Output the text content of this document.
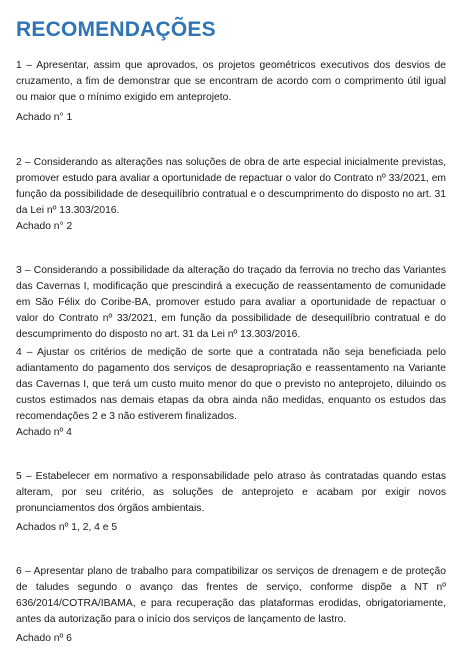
RECOMENDAÇÕES

1 – Apresentar, assim que aprovados, os projetos geométricos executivos dos desvios de cruzamento, a fim de demonstrar que se encontram de acordo com o comprimento útil igual ou maior que o mínimo exigido em anteprojeto.

Achado n° 1

2 – Considerando as alterações nas soluções de obra de arte especial inicialmente previstas, promover estudo para avaliar a oportunidade de repactuar o valor do Contrato nº 33/2021, em função da possibilidade de desequilíbrio contratual e o descumprimento do disposto no art. 31 da Lei nº 13.303/2016.

Achado n° 2

3 – Considerando a possibilidade da alteração do traçado da ferrovia no trecho das Variantes das Cavernas I, modificação que prescindirá a execução de reassentamento de comunidade em São Félix do Coribe-BA, promover estudo para avaliar a oportunidade de repactuar o valor do Contrato nº 33/2021, em função da possibilidade de desequilíbrio contratual e do descumprimento do disposto no art. 31 da Lei nº 13.303/2016.

4 – Ajustar os critérios de medição de sorte que a contratada não seja beneficiada pelo adiantamento do pagamento dos serviços de desapropriação e reassentamento na Variante das Cavernas I, que terá um custo muito menor do que o previsto no anteprojeto, diluindo os custos estimados nas demais etapas da obra ainda não medidas, enquanto os estudos das recomendações 2 e 3 não estiverem finalizados.

Achado nº 4

5 – Estabelecer em normativo a responsabilidade pelo atraso às contratadas quando estas alteram, por seu critério, as soluções de anteprojeto e acabam por exigir novos pronunciamentos dos órgãos ambientais.

Achados nº 1, 2, 4 e 5

6 – Apresentar plano de trabalho para compatibilizar os serviços de drenagem e de proteção de taludes segundo o avanço das frentes de serviço, conforme dispõe a NT nº 636/2014/COTRA/IBAMA, e para recuperação das plataformas erodidas, obrigatoriamente, antes da autorização para o início dos serviços de lançamento de lastro.

Achado nº 6
